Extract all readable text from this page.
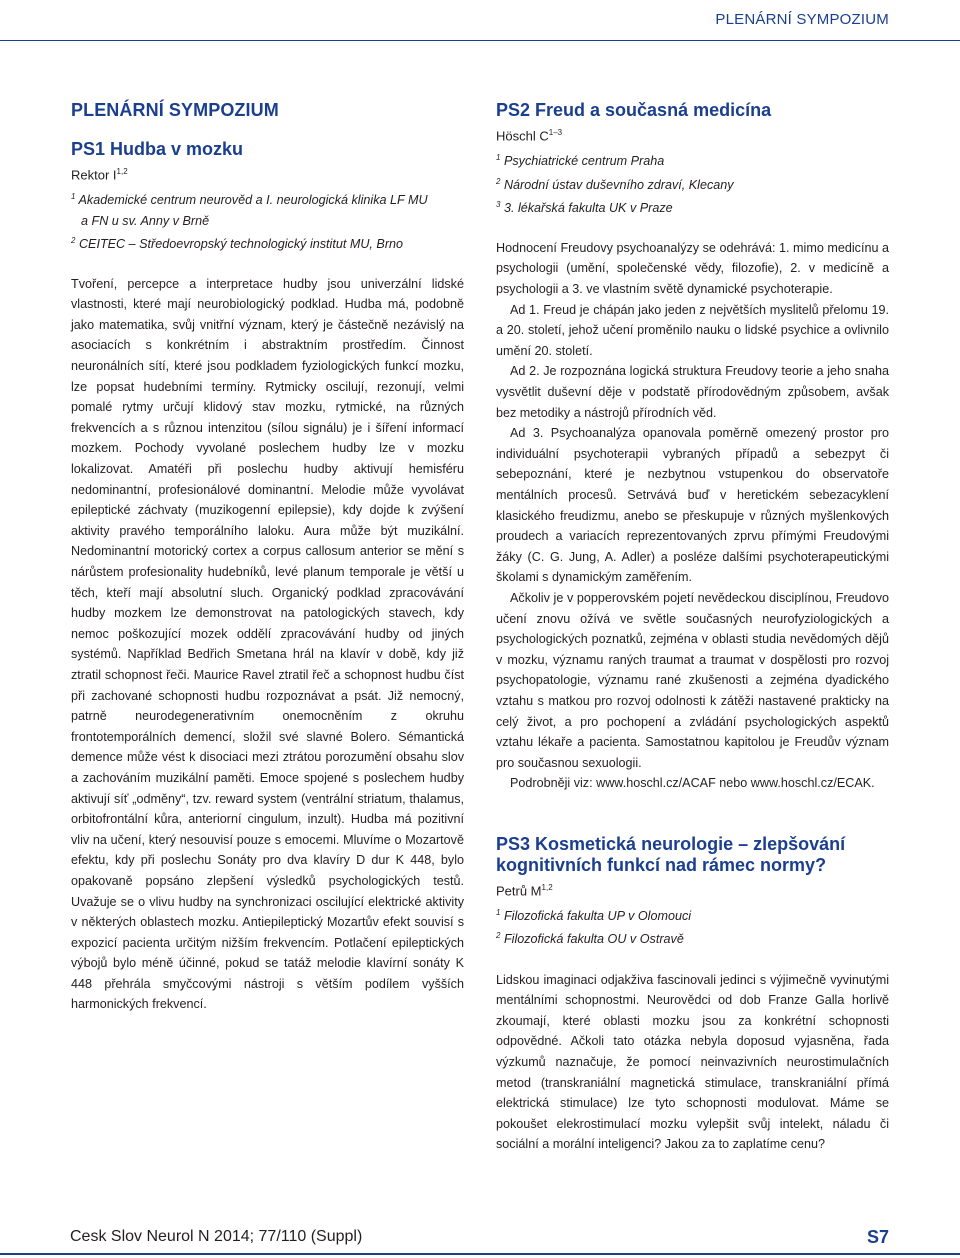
PLENÁRNÍ SYMPOZIUM
PLENÁRNÍ SYMPOZIUM
PS1 Hudba v mozku
Rektor I$^{1,2}$
$^1$ Akademické centrum neurověd a I. neurologická klinika LF MU
a FN u sv. Anny v Brně
$^2$ CEITEC – Středoevropský technologický institut MU, Brno

Tvoření, percepce a interpretace hudby jsou univerzální lidské vlastnosti, které mají neurobiologický podklad. Hudba má, podobně jako matematika, svůj vnitřní význam, který je částečně nezávislý na asociacích s konkrétním i abstraktním prostředím. Činnost neuronálních sítí, které jsou podkladem fyziologických funkcí mozku, lze popsat hudebními termíny. Rytmicky oscilují, rezonují, velmi pomalé rytmy určují klidový stav mozku, rytmické, na různých frekvencích a s různou intenzitou (sílou signálu) je i šíření informací mozkem. Pochody vyvolané poslechem hudby lze v mozku lokalizovat. Amatéři při poslechu hudby aktivují hemisféru nedominantní, profesionálové dominantní. Melodie může vyvolávat epileptické záchvaty (muzikogenní epilepsie), kdy dojde k zvýšení aktivity pravého temporálního laloku. Aura může být muzikální. Nedominantní motorický cortex a corpus callosum anterior se mění s nárůstem profesionality hudebníků, levé planum temporale je větší u těch, kteří mají absolutní sluch. Organický podklad zpracovávání hudby mozkem lze demonstrovat na patologických stavech, kdy nemoc poškozující mozek oddělí zpracovávání hudby od jiných systémů. Například Bedřich Smetana hrál na klavír v době, kdy již ztratil schopnost řeči. Maurice Ravel ztratil řeč a schopnost hudbu číst při zachované schopnosti hudbu rozpoznávat a psát. Již nemocný, patrně neurodegenerativním onemocněním z okruhu frontotemporálních demencí, složil své slavné Bolero. Sémantická demence může vést k disociaci mezi ztrátou porozumění obsahu slov a zachováním muzikální paměti. Emoce spojené s poslechem hudby aktivují síť „odměny“, tzv. reward system (ventrální striatum, thalamus, orbitofrontální kůra, anteriorní cingulum, inzult). Hudba má pozitivní vliv na učení, který nesouvisí pouze s emocemi. Mluvíme o Mozartově efektu, kdy při poslechu Sonáty pro dva klavíry D dur K 448, bylo opakovaně popsáno zlepšení výsledků psychologických testů. Uvažuje se o vlivu hudby na synchronizaci oscilující elektrické aktivity v některých oblastech mozku. Antiepileptický Mozartův efekt souvisí s expozicí pacienta určitým nižším frekvencím. Potlačení epileptických výbojů bylo méně účinné, pokud se tatáž melodie klavírní sonáty K 448 přehrála smyčcovými nástroji s větším podílem vyšších harmonických frekvencí.

PS2 Freud a současná medicína
Höschl $C^{1-3}$
$^1$ Psychiatrické centrum Praha
$^2$ Národní ústav duševního zdraví, Klecany
$^3$ 3. lékařská fakulta UK v Praze

Hodnocení Freudovy psychoanalýzy se odehrává: 1. mimo medicínu a psychologii (umění, společenské vědy, filozofie), 2. v medicíně a psychologii a 3. ve vlastním světě dynamické psychoterapie.

Ad 1. Freud je chápán jako jeden z největších myslitelů přelomu 19. a 20. století, jehož učení proměnilo nauku o lidské psychice a ovlivnilo umění 20. století.

Ad 2. Je rozpoznána logická struktura Freudovy teorie a jeho snaha vysvětlit duševní děje v podstatě přírodovědným způsobem, avšak bez metodiky a nástrojů přírodních věd.

Ad 3. Psychoanalýza opanovala poměrně omezený prostor pro individuální psychoterapii vybraných případů a sebezpyt či sebepoznání, které je nezbytnou vstupenkou do observatoře mentálních procesů. Setrvává buď v heretickém sebezacyklení klasického freudizmu, anebo se přeskupuje v různých myšlenkových proudech a variacích reprezentovaných zprvu přímými Freudovými žáky (C. G. Jung, A. Adler) a posléze dalšími psychoterapeutickými školami s dynamickým zaměřením.

Ačkoliv je v popperovském pojetí nevědeckou disciplínou, Freudovo učení znovu ožívá ve světle současných neurofyziologických a psychologických poznatků, zejména v oblasti studia nevědomých dějů v mozku, významu raných traumat a traumat v dospělosti pro rozvoj psychopatologie, významu rané zkušenosti a zejména dyadického vztahu s matkou pro rozvoj odolnosti k zátěži nastavené prakticky na celý život, a pro pochopení a zvládání psychologických aspektů vztahu lékaře a pacienta. Samostatnou kapitolou je Freudův význam pro současnou sexuologii.

Podrobněji viz: www.hoschl.cz/ACAF nebo www.hoschl.cz/ECAK.

PS3 Kosmetická neurologie – zlepšování
kognitivních funkcí nad rámec normy?
Petrů M$^{1,2}$
$^1$ Filozofická fakulta UP v Olomouci
$^2$ Filozofická fakulta OU v Ostravě

Lidskou imaginaci odjakživa fascinovali jedinci s výjimečně vyvinutými mentálními schopnostmi. Neurovědci od dob Franze Galla horlivě zkoumají, které oblasti mozku jsou za konkrétní schopnosti odpovědné. Ačkoli tato otázka nebyla doposud vyjasněna, řada výzkumů naznačuje, že pomocí neinvazivních neurostimulačních metod (transkraniální magnetická stimulace, transkraniální přímá elektrická stimulace) lze tyto schopnosti modulovat. Máme se pokoušet elekrostimulací mozku vylepšit svůj intelekt, náladu či sociální a morální inteligenci? Jakou za to zaplatíme cenu?

Cesk Slov Neurol N 2014; 77/110 (Suppl)	S7
